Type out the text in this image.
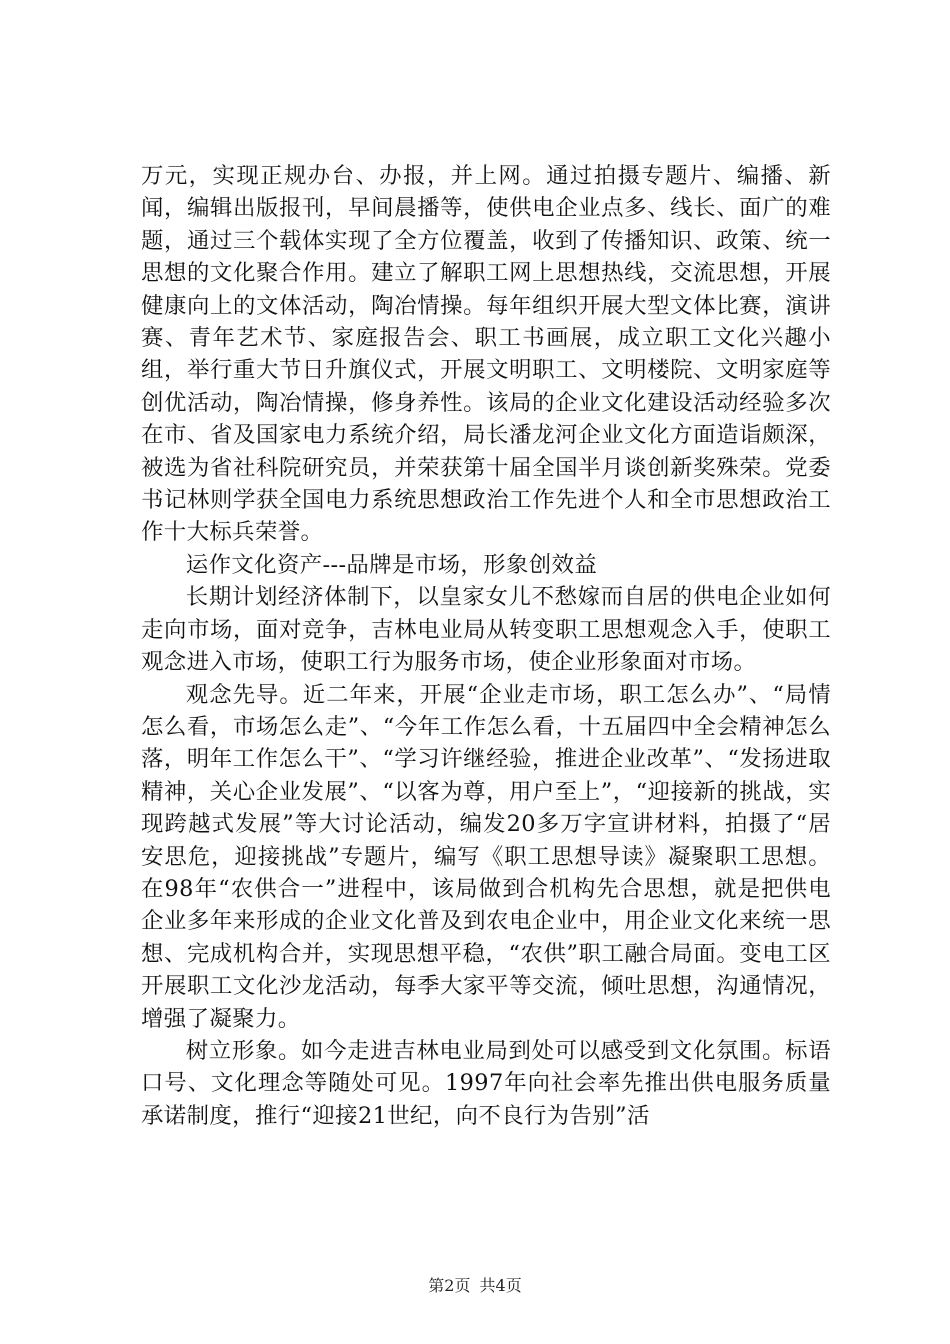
万元，实现正规办台、办报，并上网。通过拍摄专题片、编播、新闻，编辑出版报刊，早间晨播等，使供电企业点多、线长、面广的难题，通过三个载体实现了全方位覆盖，收到了传播知识、政策、统一思想的文化聚合作用。建立了解职工网上思想热线，交流思想，开展健康向上的文体活动，陶冶情操。每年组织开展大型文体比赛，演讲赛、青年艺术节、家庭报告会、职工书画展，成立职工文化兴趣小组，举行重大节日升旗仪式，开展文明职工、文明楼院、文明家庭等创优活动，陶冶情操，修身养性。该局的企业文化建设活动经验多次在市、省及国家电力系统介绍，局长潘龙河企业文化方面造诣颇深，被选为省社科院研究员，并荣获第十届全国半月谈创新奖殊荣。党委书记林则学获全国电力系统思想政治工作先进个人和全市思想政治工作十大标兵荣誉。

运作文化资产---品牌是市场，形象创效益

长期计划经济体制下，以皇家女儿不愁嫁而自居的供电企业如何走向市场，面对竞争，吉林电业局从转变职工思想观念入手，使职工观念进入市场，使职工行为服务市场，使企业形象面对市场。

观念先导。近二年来，开展“企业走市场，职工怎么办”、“局情怎么看，市场怎么走”、“今年工作怎么看，十五届四中全会精神怎么落，明年工作怎么干”、“学习许继经验，推进企业改革”、“发扬进取精神，关心企业发展”、“以客为尊，用户至上”，“迎接新的挑战，实现跨越式发展”等大讨论活动，编发20多万字宣讲材料，拍摄了“居安思危，迎接挑战”专题片，编写《职工思想导读》凝聚职工思想。在98年“农供合一”进程中，该局做到合机构先合思想，就是把供电企业多年来形成的企业文化普及到农电企业中，用企业文化来统一思想、完成机构合并，实现思想平稳，“农供”职工融合局面。变电工区开展职工文化沙龙活动，每季大家平等交流，倾吐思想，沟通情况，增强了凝聚力。

树立形象。如今走进吉林电业局到处可以感受到文化氛围。标语口号、文化理念等随处可见。1997年向社会率先推出供电服务质量承诺制度，推行“迎接21世纪，向不良行为告别”活

第2页 共4页
